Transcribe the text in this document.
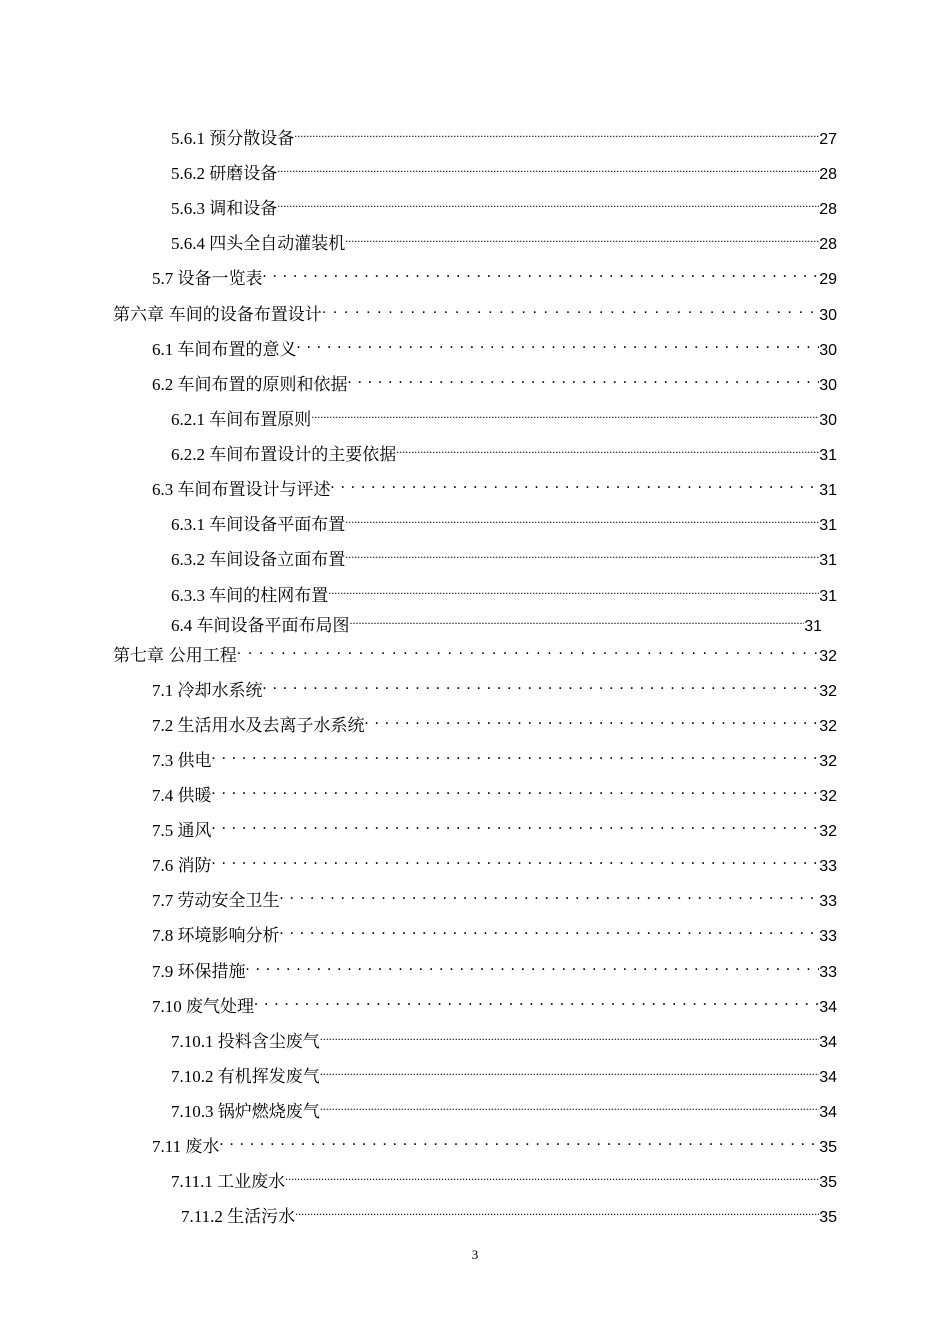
5.6.1 预分散设备 .....	27
5.6.2 研磨设备 .....	28
5.6.3 调和设备 .....	28
5.6.4 四头全自动灌装机 .....	28
5.7 设备一览表 . . .	29
第六章 车间的设备布置设计 . . .	30
6.1 车间布置的意义 . . .	30
6.2 车间布置的原则和依据 . . .	30
6.2.1 车间布置原则 .....	30
6.2.2 车间布置设计的主要依据 .....	31
6.3 车间布置设计与评述 . . .	31
6.3.1 车间设备平面布置 .....	31
6.3.2 车间设备立面布置 .....	31
6.3.3 车间的柱网布置 .....	31
6.4 车间设备平面布局图 .....	31
第七章 公用工程 . . .	32
7.1 冷却水系统 . . .	32
7.2 生活用水及去离子水系统 . . .	32
7.3 供电 . . .	32
7.4 供暖 . . .	32
7.5 通风 . . .	32
7.6 消防 . . .	33
7.7 劳动安全卫生 . . .	33
7.8 环境影响分析 . . .	33
7.9 环保措施 . . .	33
7.10 废气处理 . . .	34
7.10.1 投料含尘废气 .....	34
7.10.2 有机挥发废气 .....	34
7.10.3 锅炉燃烧废气 .....	34
7.11 废水 . . .	35
7.11.1 工业废水 .....	35
7.11.2 生活污水 .....	35
3
